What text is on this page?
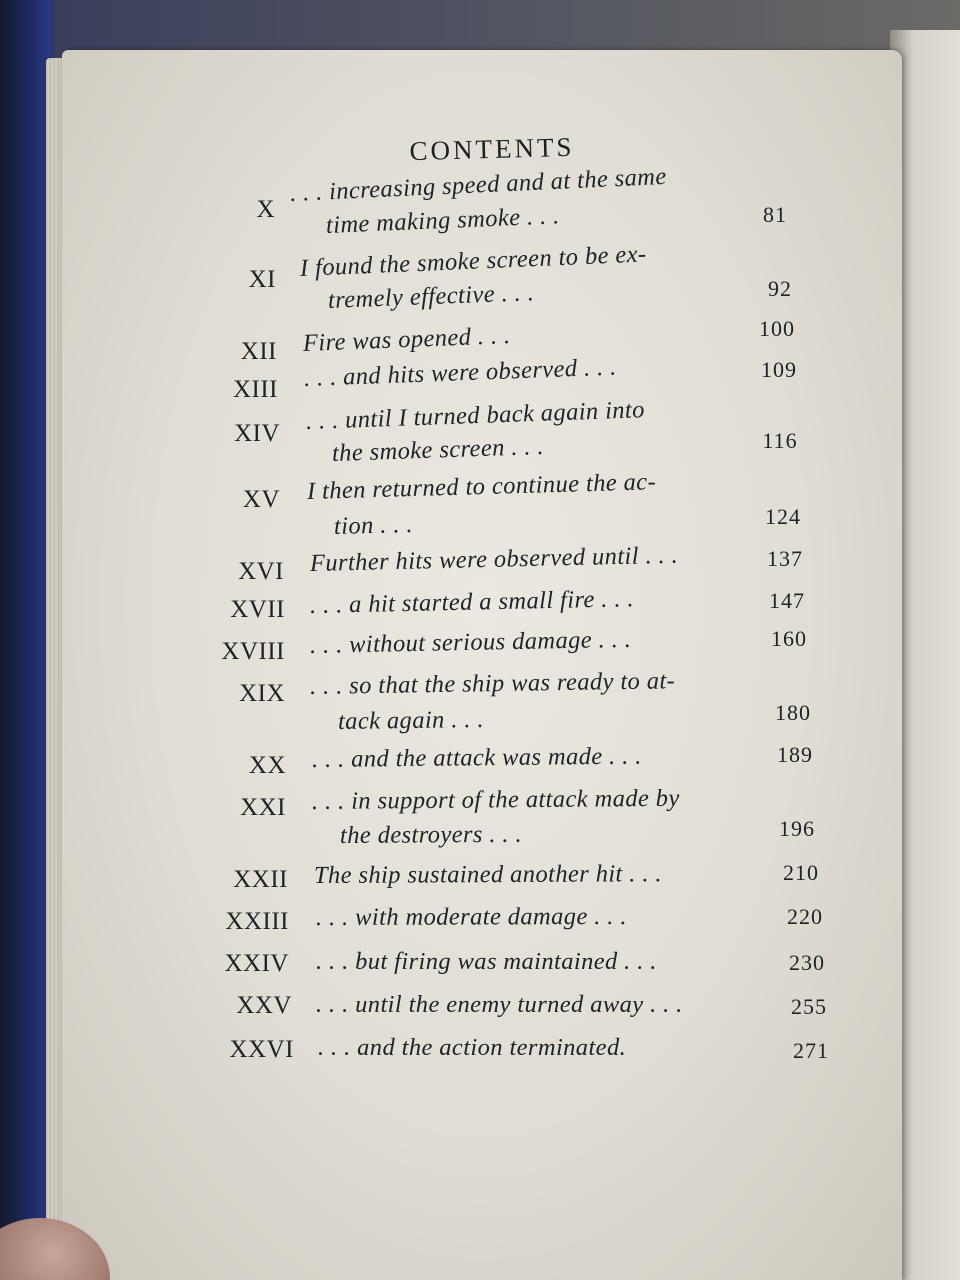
CONTENTS
X
. . . increasing speed and at the same
time making smoke . . .	81
XI I found the smoke screen to be ex-
tremely effective . . .	92
XII Fire was opened . . .	100
XIII . . . and hits were observed . . .	109
XIV . . . until I turned back again into
the smoke screen . . .	116
XV I then returned to continue the ac-
tion . . .	124
XVI Further hits were observed until . . .	137
XVII . . . a hit started a small fire . . .	147
XVIII . . . without serious damage . . .	160
XIX . . . so that the ship was ready to at-
tack again . . .	180
XX . . . and the attack was made . . .	189
XXI . . . in support of the attack made by
the destroyers . . .	196
XXII The ship sustained another hit . . .	210
XXIII . . . with moderate damage . . .	220
XXIV . . . but firing was maintained . . .	230
XXV . . . until the enemy turned away . . .	255
XXVI . . . and the action terminated.	271
